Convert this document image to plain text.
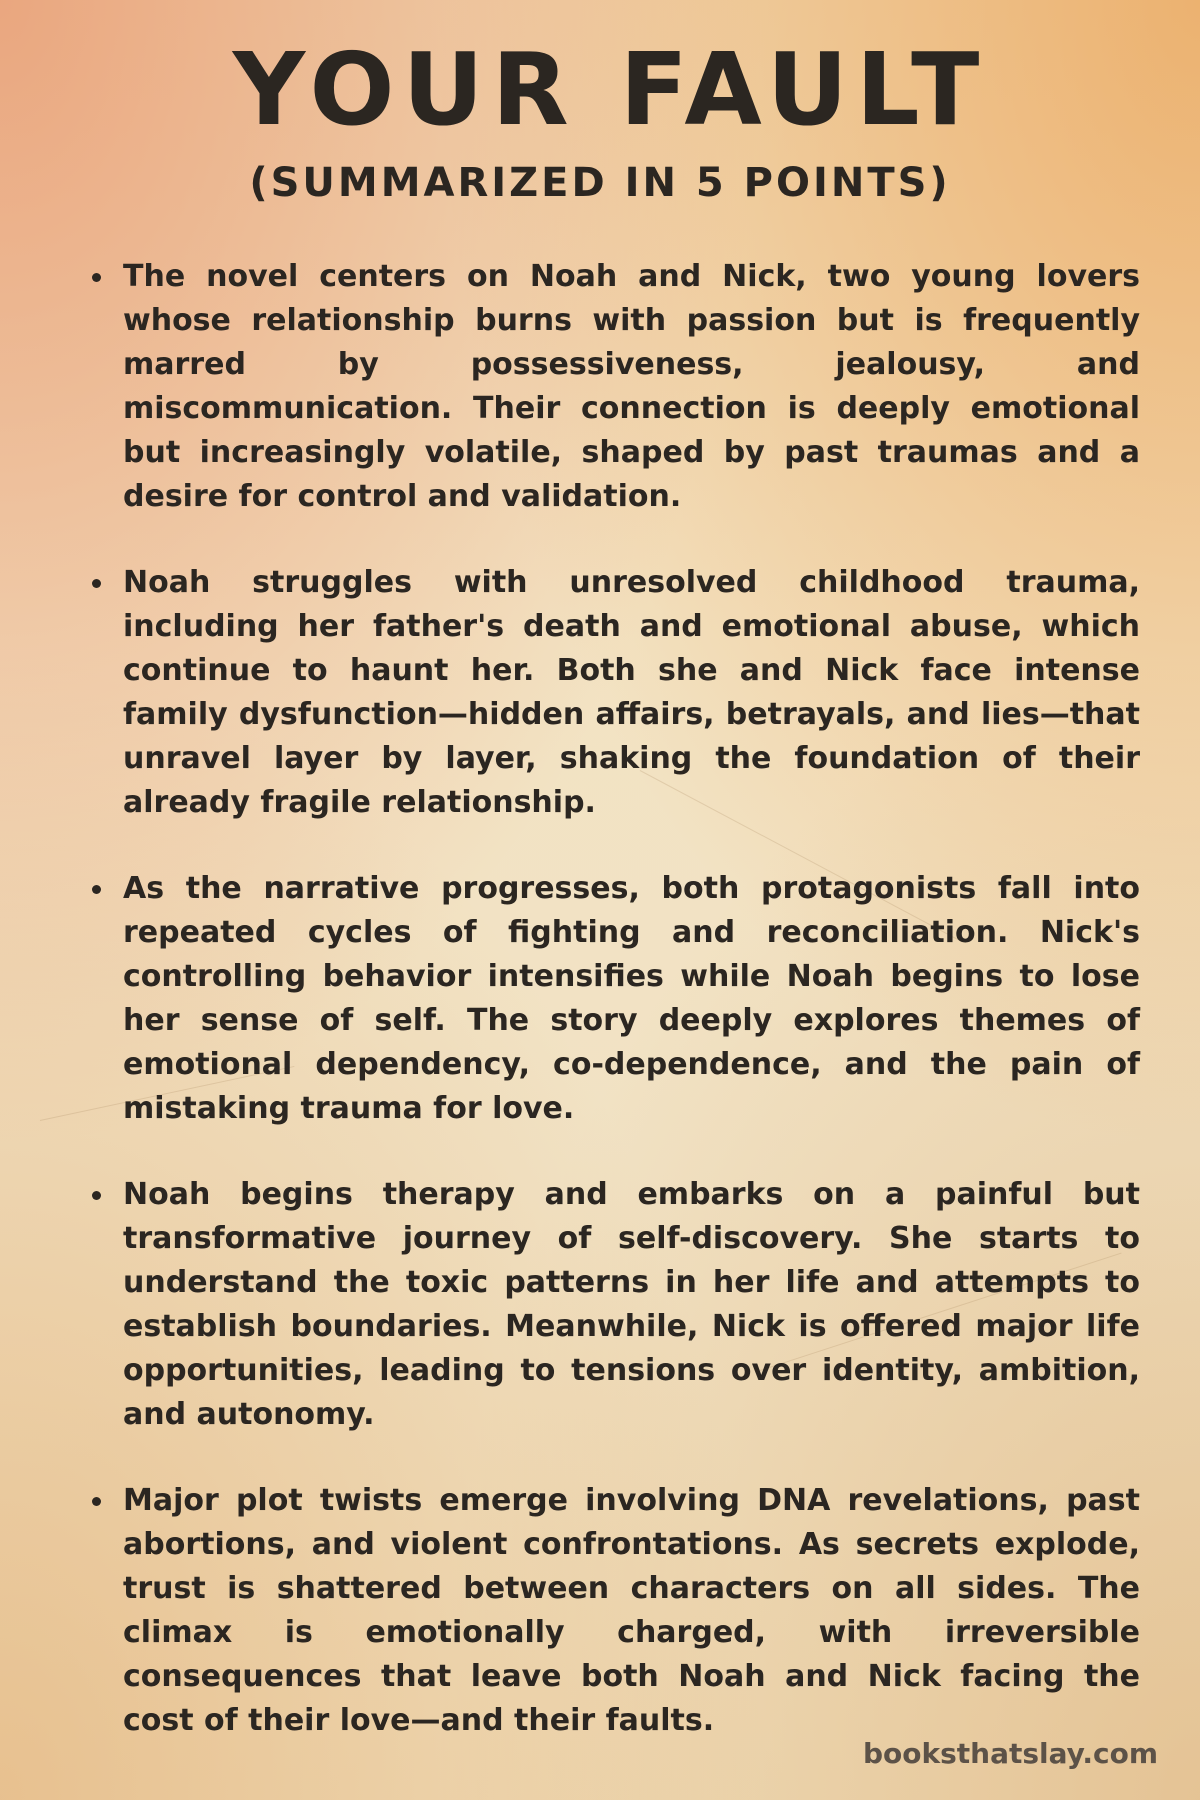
YOUR FAULT
(SUMMARIZED IN 5 POINTS)
The novel centers on Noah and Nick, two young lovers whose relationship burns with passion but is frequently marred by possessiveness, jealousy, and miscommunication. Their connection is deeply emotional but increasingly volatile, shaped by past traumas and a desire for control and validation.
Noah struggles with unresolved childhood trauma, including her father's death and emotional abuse, which continue to haunt her. Both she and Nick face intense family dysfunction—hidden affairs, betrayals, and lies—that unravel layer by layer, shaking the foundation of their already fragile relationship.
As the narrative progresses, both protagonists fall into repeated cycles of fighting and reconciliation. Nick's controlling behavior intensifies while Noah begins to lose her sense of self. The story deeply explores themes of emotional dependency, co-dependence, and the pain of mistaking trauma for love.
Noah begins therapy and embarks on a painful but transformative journey of self-discovery. She starts to understand the toxic patterns in her life and attempts to establish boundaries. Meanwhile, Nick is offered major life opportunities, leading to tensions over identity, ambition, and autonomy.
Major plot twists emerge involving DNA revelations, past abortions, and violent confrontations. As secrets explode, trust is shattered between characters on all sides. The climax is emotionally charged, with irreversible consequences that leave both Noah and Nick facing the cost of their love—and their faults.
booksthatslay.com
